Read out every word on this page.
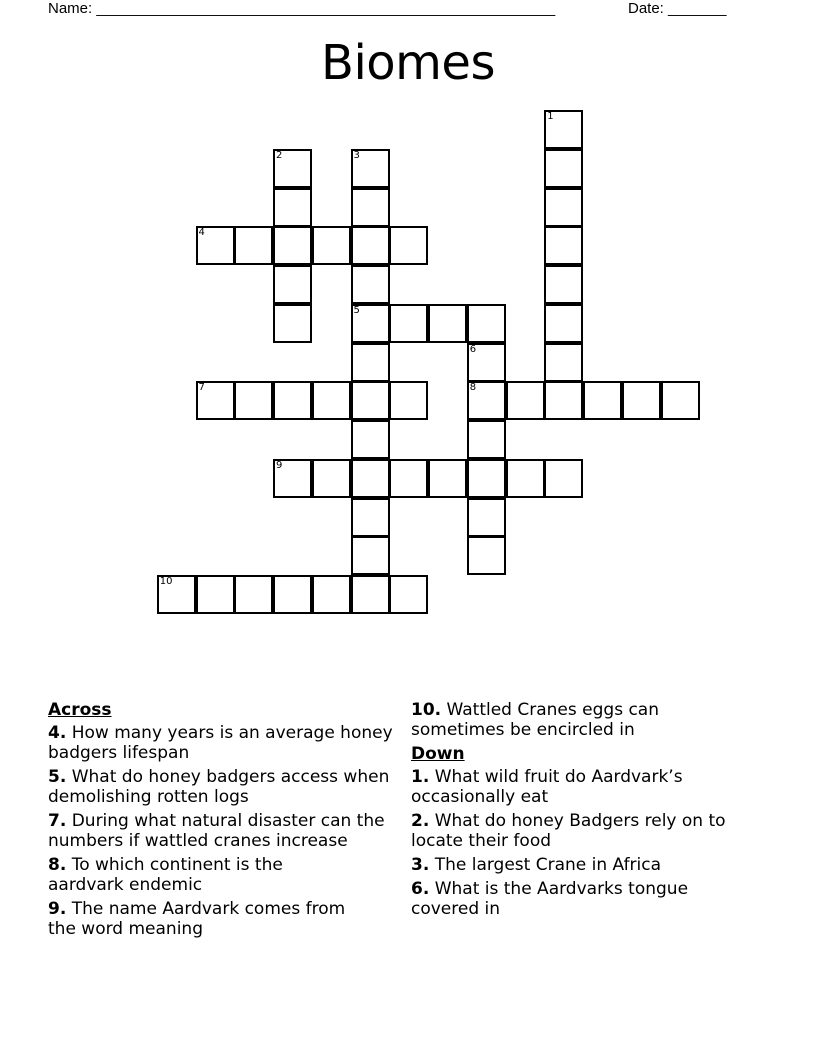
Name: _______________________________________________________	Date: _______
Biomes
1
2	3
5
4
6
8
7
9
10
Across
4. How many years is an average honey badgers lifespan
5. What do honey badgers access when demolishing rotten logs
7. During what natural disaster can the numbers if wattled cranes increase
8. To which continent is the aardvark endemic
9. The name Aardvark comes from the word meaning
10. Wattled Cranes eggs can sometimes be encircled in
Down
1. What wild fruit do Aardvark’s occasionally eat
2. What do honey Badgers rely on to locate their food
3. The largest Crane in Africa
6. What is the Aardvarks tongue covered in
